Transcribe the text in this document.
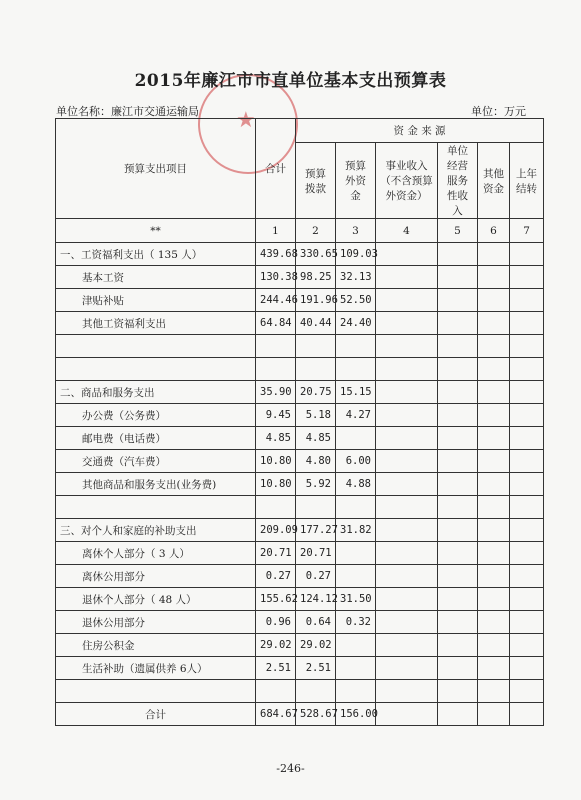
★
2015年廉江市市直单位基本支出预算表
单位名称：廉江市交通运输局	单位：万元
预算支出项目	合计	资 金 来 源					
		预算拨款	预算外资金	事业收入（不含预算外资金）	单位经营服务性收入	其他资金	上年结转
**	1	2	3	4	5	6	7
一、工资福利支出（ 135 人）	439.68	330.65	109.03				
基本工资	130.38	98.25	32.13				
津贴补贴	244.46	191.96	52.50				
其他工资福利支出	64.84	40.44	24.40				

二、商品和服务支出	35.90	20.75	15.15				
办公费（公务费）	9.45	5.18	4.27				
邮电费（电话费）	4.85	4.85					
交通费（汽车费）	10.80	4.80	6.00				
其他商品和服务支出(业务费)	10.80	5.92	4.88				

三、对个人和家庭的补助支出	209.09	177.27	31.82				
离休个人部分（ 3 人）	20.71	20.71					
离休公用部分	0.27	0.27					
退休个人部分（ 48 人）	155.62	124.12	31.50				
退休公用部分	0.96	0.64	0.32				
住房公积金	29.02	29.02					
生活补助（遗属供养 6人）	2.51	2.51					

合计	684.67	528.67	156.00				
-246-
